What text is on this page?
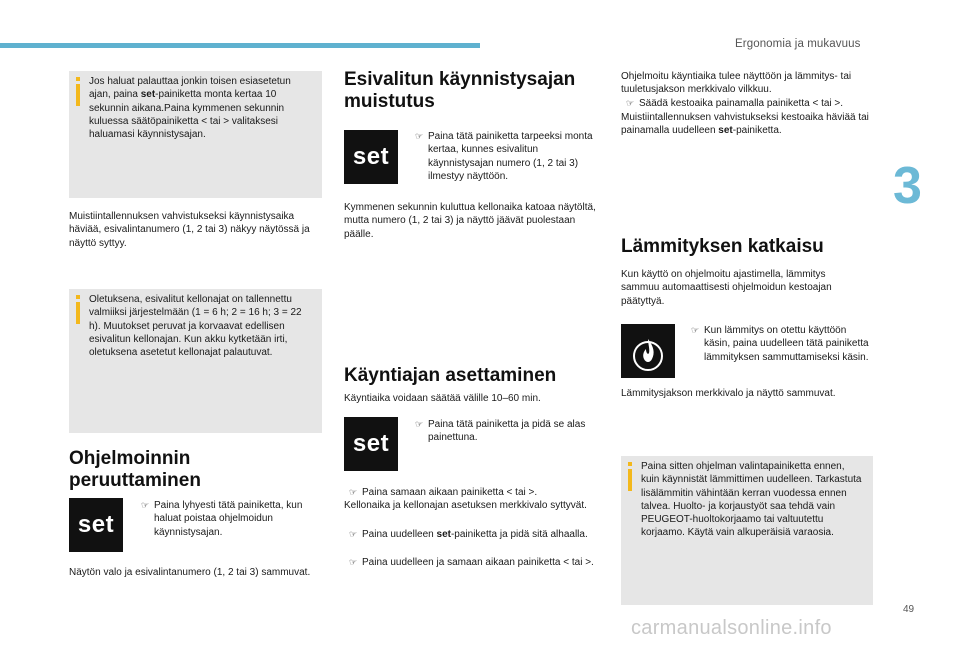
Ergonomia ja mukavuus
3
Jos haluat palauttaa jonkin toisen esiasetetun ajan, paina set-painiketta monta kertaa 10 sekunnin aikana.Paina kymmenen sekunnin kuluessa säätöpainiketta < tai > valitaksesi haluamasi käynnistysajan.

Muistiintallennuksen vahvistukseksi käynnistysaika häviää, esivalintanumero (1, 2 tai 3) näkyy näytössä ja näyttö syttyy.

Oletuksena, esivalitut kellonajat on tallennettu valmiiksi järjestelmään (1 = 6 h; 2 = 16 h; 3 = 22 h). Muutokset peruvat ja korvaavat edellisen esivalitun kellonajan. Kun akku kytketään irti, oletuksena asetetut kellonajat palautuvat.
Ohjelmoinnin peruuttaminen
set
☞ Paina lyhyesti tätä painiketta, kun haluat poistaa ohjelmoidun käynnistysajan.

Näytön valo ja esivalintanumero (1, 2 tai 3) sammuvat.

Esivalitun käynnistysajan muistutus
set
☞ Paina tätä painiketta tarpeeksi monta kertaa, kunnes esivalitun käynnistysajan numero (1, 2 tai 3) ilmestyy näyttöön.

Kymmenen sekunnin kuluttua kellonaika katoaa näytöltä, mutta numero (1, 2 tai 3) ja näyttö jäävät puolestaan päälle.

Käyntiajan asettaminen

Käyntiaika voidaan säätää välille 10–60 min.

set
☞ Paina tätä painiketta ja pidä se alas painettuna.
☞ Paina samaan aikaan painiketta < tai >.

Kellonaika ja kellonajan asetuksen merkkivalo syttyvät.

☞ Paina uudelleen set-painiketta ja pidä sitä alhaalla.
☞ Paina uudelleen ja samaan aikaan painiketta < tai >.

Ohjelmoitu käyntiaika tulee näyttöön ja lämmitys- tai tuuletusjakson merkkivalo vilkkuu.

☞ Säädä kestoaika painamalla painiketta < tai >.

Muistiintallennuksen vahvistukseksi kestoaika häviää tai painamalla uudelleen set-painiketta.

Lämmityksen katkaisu

Kun käyttö on ohjelmoitu ajastimella, lämmitys sammuu automaattisesti ohjelmoidun kestoajan päätyttyä.

☞ Kun lämmitys on otettu käyttöön käsin, paina uudelleen tätä painiketta lämmityksen sammuttamiseksi käsin.

Lämmitysjakson merkkivalo ja näyttö sammuvat.

Paina sitten ohjelman valintapainiketta ennen, kuin käynnistät lämmittimen uudelleen. Tarkastuta lisälämmitin vähintään kerran vuodessa ennen talvea. Huolto- ja korjaustyöt saa tehdä vain PEUGEOT-huoltokorjaamo tai valtuutettu korjaamo. Käytä vain alkuperäisiä varaosia.
49
carmanualsonline.info
